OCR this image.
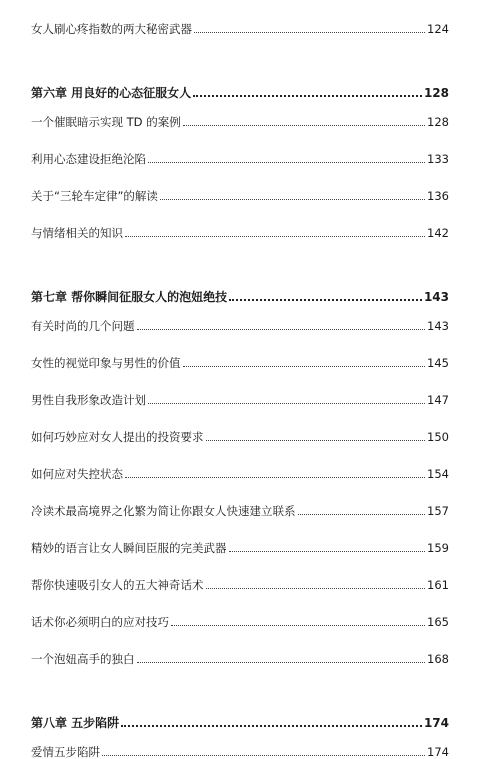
女人刷心疼指数的两大秘密武器	124
第六章 用良好的心态征服女人	128
一个催眠暗示实现 TD 的案例	128
利用心态建设拒绝沦陷	133
关于“三轮车定律”的解读	136
与情绪相关的知识	142
第七章 帮你瞬间征服女人的泡妞绝技	143
有关时尚的几个问题	143
女性的视觉印象与男性的价值	145
男性自我形象改造计划	147
如何巧妙应对女人提出的投资要求	150
如何应对失控状态	154
冷读术最高境界之化繁为简让你跟女人快速建立联系	157
精妙的语言让女人瞬间臣服的完美武器	159
帮你快速吸引女人的五大神奇话术	161
话术你必须明白的应对技巧	165
一个泡妞高手的独白	168
第八章 五步陷阱	174
爱情五步陷阱	174
